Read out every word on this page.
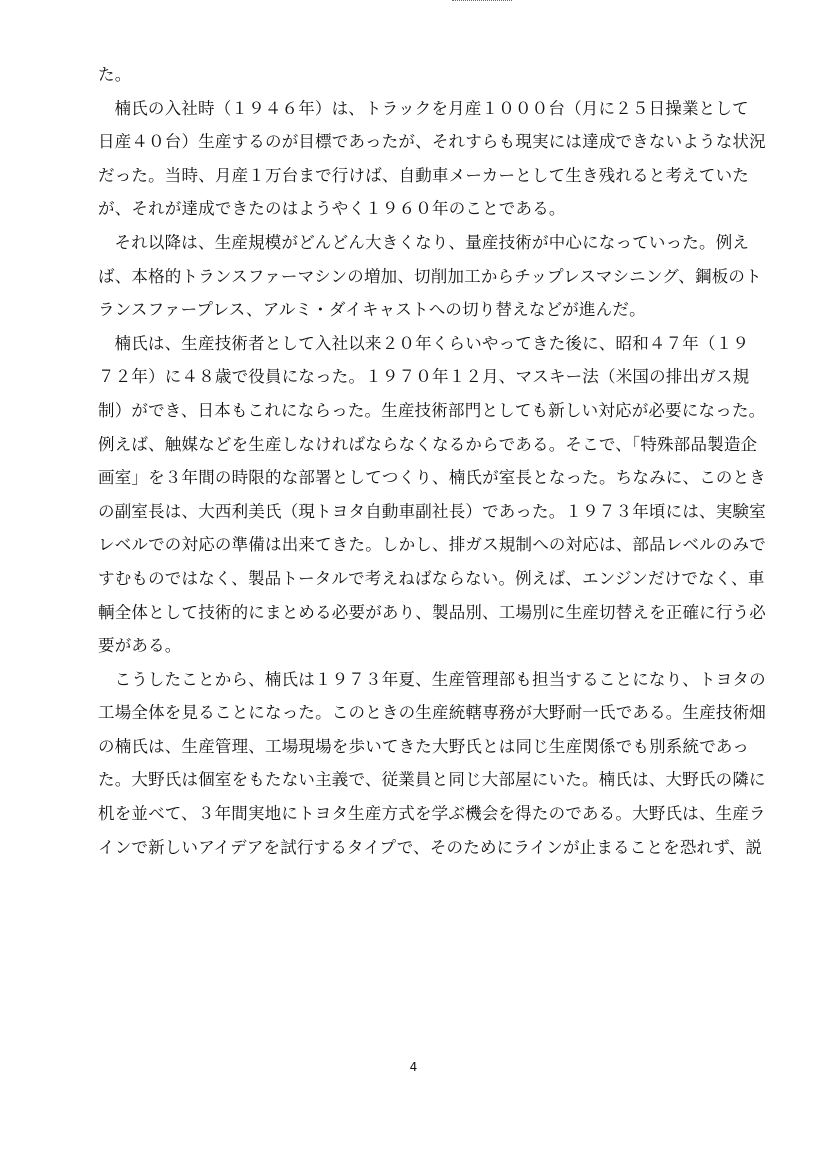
た。

楠氏の入社時（１９４６年）は、トラックを月産１０００台（月に２５日操業として
日産４０台）生産するのが目標であったが、それすらも現実には達成できないような状況
だった。当時、月産１万台まで行けば、自動車メーカーとして生き残れると考えていた
が、それが達成できたのはようやく１９６０年のことである。

それ以降は、生産規模がどんどん大きくなり、量産技術が中心になっていった。例え
ば、本格的トランスファーマシンの増加、切削加工からチップレスマシニング、鋼板のト
ランスファープレス、アルミ・ダイキャストへの切り替えなどが進んだ。

楠氏は、生産技術者として入社以来２０年くらいやってきた後に、昭和４７年（１９
７２年）に４８歳で役員になった。１９７０年１２月、マスキー法（米国の排出ガス規
制）ができ、日本もこれにならった。生産技術部門としても新しい対応が必要になった。
例えば、触媒などを生産しなければならなくなるからである。そこで、「特殊部品製造企
画室」を３年間の時限的な部署としてつくり、楠氏が室長となった。ちなみに、このとき
の副室長は、大西利美氏（現トヨタ自動車副社長）であった。１９７３年頃には、実験室
レベルでの対応の準備は出来てきた。しかし、排ガス規制への対応は、部品レベルのみで
すむものではなく、製品トータルで考えねばならない。例えば、エンジンだけでなく、車
輌全体として技術的にまとめる必要があり、製品別、工場別に生産切替えを正確に行う必
要がある。

こうしたことから、楠氏は１９７３年夏、生産管理部も担当することになり、トヨタの
工場全体を見ることになった。このときの生産統轄専務が大野耐一氏である。生産技術畑
の楠氏は、生産管理、工場現場を歩いてきた大野氏とは同じ生産関係でも別系統であっ
た。大野氏は個室をもたない主義で、従業員と同じ大部屋にいた。楠氏は、大野氏の隣に
机を並べて、３年間実地にトヨタ生産方式を学ぶ機会を得たのである。大野氏は、生産ラ
インで新しいアイデアを試行するタイプで、そのためにラインが止まることを恐れず、説

4
